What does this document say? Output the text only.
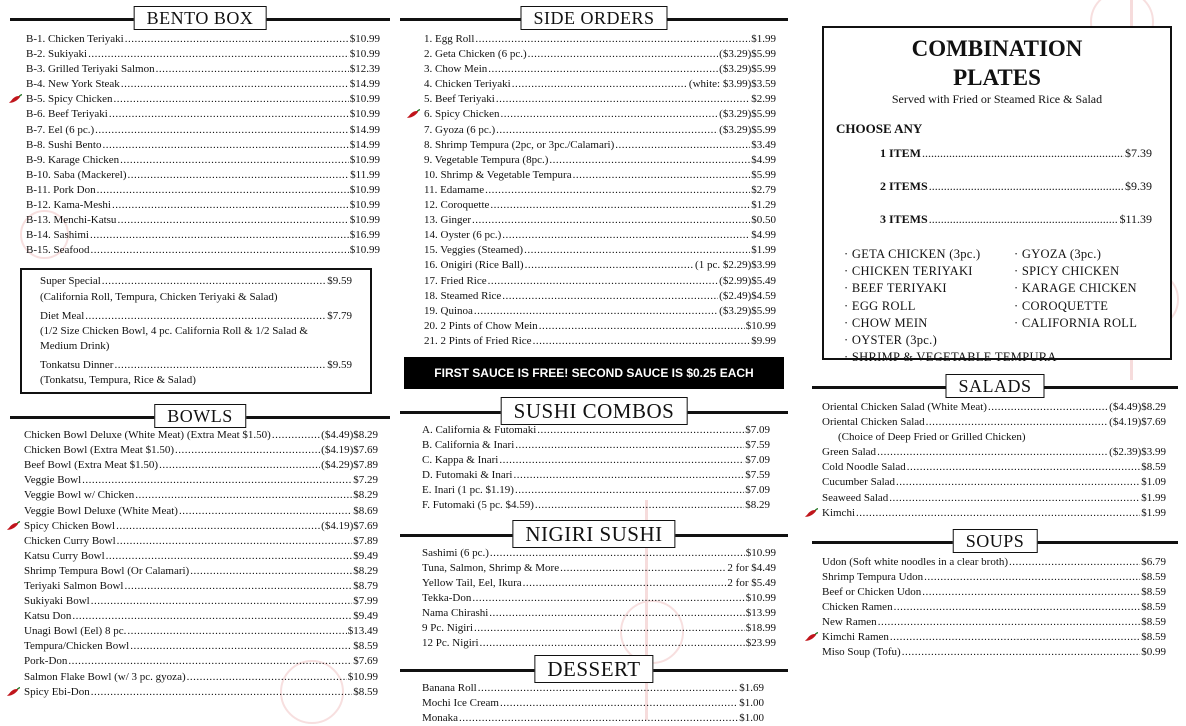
BENTO BOX
B-1. Chicken Teriyaki .....	$10.99
B-2. Sukiyaki .....	$10.99
B-3. Grilled Teriyaki Salmon .....	$12.39
B-4. New York Steak .....	$14.99
B-5. Spicy Chicken .....	$10.99
B-6. Beef Teriyaki .....	$10.99
B-7. Eel (6 pc.) .....	$14.99
B-8. Sushi Bento .....	$14.99
B-9. Karage Chicken .....	$10.99
B-10. Saba (Mackerel) .....	$11.99
B-11. Pork Don .....	$10.99
B-12. Kama-Meshi .....	$10.99
B-13. Menchi-Katsu .....	$10.99
B-14. Sashimi .....	$16.99
B-15. Seafood .....	$10.99
Super Special .....	$9.59
(California Roll, Tempura, Chicken Teriyaki & Salad)
Diet Meal .....	$7.79
(1/2 Size Chicken Bowl, 4 pc. California Roll & 1/2 Salad &
Medium Drink)
Tonkatsu Dinner .....	$9.59
(Tonkatsu, Tempura, Rice & Salad)
BOWLS
Chicken Bowl Deluxe (White Meat) (Extra Meat $1.50) .....	($4.49) $8.29
Chicken Bowl (Extra Meat $1.50) .....	($4.19) $7.69
Beef Bowl (Extra Meat $1.50) .....	($4.29) $7.89
Veggie Bowl .....	$7.29
Veggie Bowl w/ Chicken .....	$8.29
Veggie Bowl Deluxe (White Meat) .....	$8.69
Spicy Chicken Bowl .....	($4.19) $7.69
Chicken Curry Bowl .....	$7.89
Katsu Curry Bowl .....	$9.49
Shrimp Tempura Bowl (Or Calamari) .....	$8.29
Teriyaki Salmon Bowl .....	$8.79
Sukiyaki Bowl .....	$7.99
Katsu Don .....	$9.49
Unagi Bowl (Eel) 8 pc. .....	$13.49
Tempura/Chicken Bowl .....	$8.59
Pork-Don .....	$7.69
Salmon Flake Bowl (w/ 3 pc. gyoza) .....	$10.99
Spicy Ebi-Don .....	$8.59
SIDE ORDERS
1. Egg Roll .....	$1.99
2. Geta Chicken (6 pc.) .....	($3.29) $5.99
3. Chow Mein .....	($3.29) $5.99
4. Chicken Teriyaki .....	(white: $3.99) $3.59
5. Beef Teriyaki .....	$2.99
6. Spicy Chicken .....	($3.29) $5.99
7. Gyoza (6 pc.) .....	($3.29) $5.99
8. Shrimp Tempura (2pc, or 3pc./Calamari) .....	$3.49
9. Vegetable Tempura (8pc.) .....	$4.99
10. Shrimp & Vegetable Tempura .....	$5.99
11. Edamame .....	$2.79
12. Coroquette .....	$1.29
13. Ginger .....	$0.50
14. Oyster (6 pc.) .....	$4.99
15. Veggies (Steamed) .....	$1.99
16. Onigiri (Rice Ball) .....	(1 pc. $2.29) $3.99
17. Fried Rice .....	($2.99) $5.49
18. Steamed Rice .....	($2.49) $4.59
19. Quinoa .....	($3.29) $5.99
20. 2 Pints of Chow Mein .....	$10.99
21. 2 Pints of Fried Rice .....	$9.99
FIRST SAUCE IS FREE! SECOND SAUCE IS $0.25 EACH
SUSHI COMBOS
A. California & Futomaki .....	$7.09
B. California & Inari .....	$7.59
C. Kappa & Inari .....	$7.09
D. Futomaki & Inari .....	$7.59
E. Inari (1 pc. $1.19) .....	$7.09
F. Futomaki (5 pc. $4.59) .....	$8.29
NIGIRI SUSHI
Sashimi (6 pc.) .....	$10.99
Tuna, Salmon, Shrimp & More .....	2 for $4.49
Yellow Tail, Eel, Ikura .....	2 for $5.49
Tekka-Don .....	$10.99
Nama Chirashi .....	$13.99
9 Pc. Nigiri .....	$18.99
12 Pc. Nigiri .....	$23.99
DESSERT
Banana Roll .....	$1.69
Mochi Ice Cream .....	$1.00
Monaka .....	$1.00
COMBINATION
PLATES
Served with Fried or Steamed Rice & Salad
CHOOSE ANY
1 ITEM .....	$7.39
2 ITEMS .....	$9.39
3 ITEMS .....	$11.39
· GETA CHICKEN (3pc.)	· GYOZA (3pc.)
· CHICKEN TERIYAKI	· SPICY CHICKEN
· BEEF TERIYAKI	· KARAGE CHICKEN
· EGG ROLL	· COROQUETTE
· CHOW MEIN	· CALIFORNIA ROLL
· OYSTER (3pc.)
· SHRIMP & VEGETABLE TEMPURA
SALADS
Oriental Chicken Salad (White Meat) .....	($4.49) $8.29
Oriental Chicken Salad .....	($4.19) $7.69
(Choice of Deep Fried or Grilled Chicken)
Green Salad .....	($2.39) $3.99
Cold Noodle Salad .....	$8.59
Cucumber Salad .....	$1.09
Seaweed Salad .....	$1.99
Kimchi .....	$1.99
SOUPS
Udon (Soft white noodles in a clear broth) .....	$6.79
Shrimp Tempura Udon .....	$8.59
Beef or Chicken Udon .....	$8.59
Chicken Ramen .....	$8.59
New Ramen .....	$8.59
Kimchi Ramen .....	$8.59
Miso Soup (Tofu) .....	$0.99
